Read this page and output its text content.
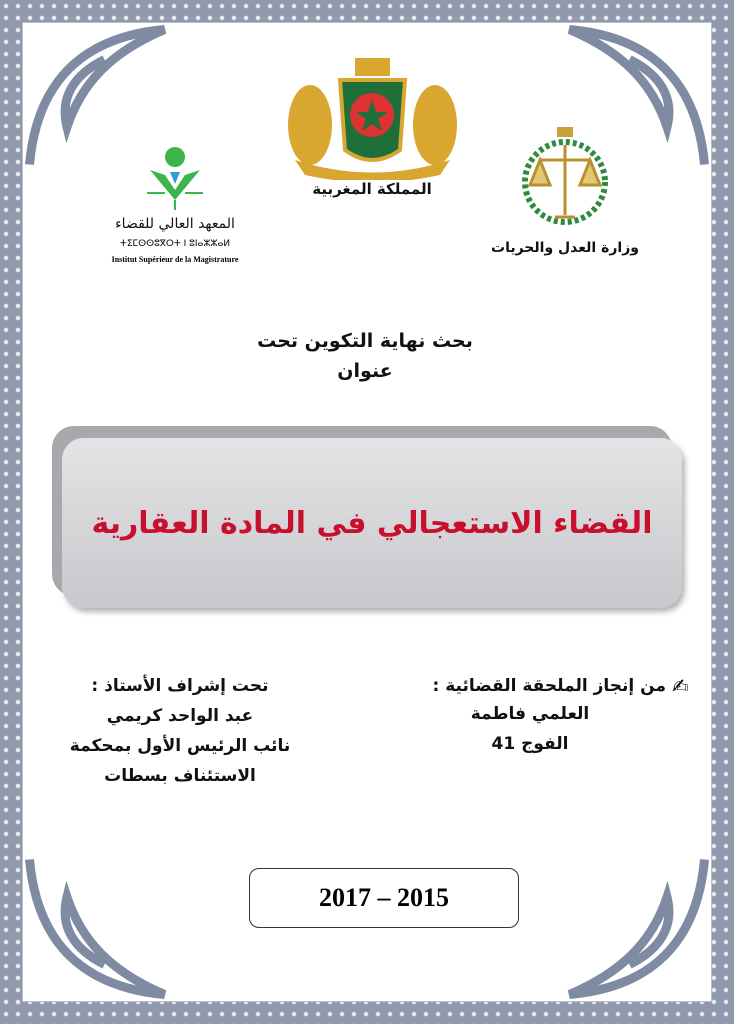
المملكة المغربية
المعهد العالي للقضاء
ⵜⵉⵎⵙⵙⵓⴳⵔⵜ ⵏ ⵓⵏⴰⵣⵣⴰⵍ
Institut Supérieur de la Magistrature
وزارة العدل والحريات
بحث نهاية التكوين تحت
عنوان
القضاء الاستعجالي في المادة العقارية
من إنجاز الملحقة القضائية : ✍
العلمي فاطمة
الفوج 41
تحت إشراف الأستاذ :
عبد الواحد كريمي
نائب الرئيس الأول بمحكمة
الاستئناف بسطات
2017 – 2015
